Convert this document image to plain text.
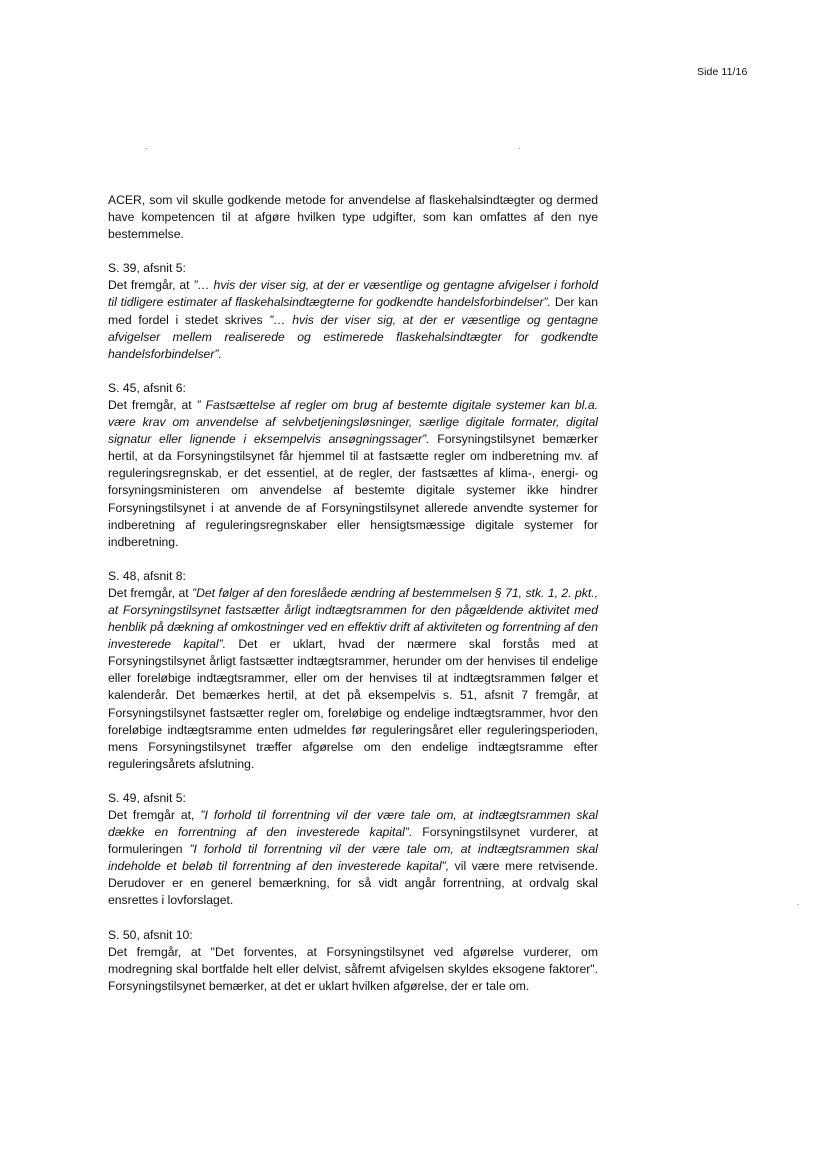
Side 11/16

ACER, som vil skulle godkende metode for anvendelse af flaskehalsindtægter og dermed have kompetencen til at afgøre hvilken type udgifter, som kan omfattes af den nye bestemmelse.

S. 39, afsnit 5:

Det fremgår, at ”… hvis der viser sig, at der er væsentlige og gentagne afvigelser i forhold til tidligere estimater af flaskehalsindtægterne for godkendte handelsforbindelser”. Der kan med fordel i stedet skrives ”… hvis der viser sig, at der er væsentlige og gentagne afvigelser mellem realiserede og estimerede flaskehalsindtægter for godkendte handelsforbindelser”.

S. 45, afsnit 6:

Det fremgår, at ” Fastsættelse af regler om brug af bestemte digitale systemer kan bl.a. være krav om anvendelse af selvbetjeningsløsninger, særlige digitale formater, digital signatur eller lignende i eksempelvis ansøgningssager”. Forsyningstilsynet bemærker hertil, at da Forsyningstilsynet får hjemmel til at fastsætte regler om indberetning mv. af reguleringsregnskab, er det essentiel, at de regler, der fastsættes af klima-, energi- og forsyningsministeren om anvendelse af bestemte digitale systemer ikke hindrer Forsyningstilsynet i at anvende de af Forsyningstilsynet allerede anvendte systemer for indberetning af reguleringsregnskaber eller hensigtsmæssige digitale systemer for indberetning.

S. 48, afsnit 8:

Det fremgår, at ”Det følger af den foreslåede ændring af bestemmelsen § 71, stk. 1, 2. pkt., at Forsyningstilsynet fastsætter årligt indtægtsrammen for den pågældende aktivitet med henblik på dækning af omkostninger ved en effektiv drift af aktiviteten og forrentning af den investerede kapital”. Det er uklart, hvad der nærmere skal forstås med at Forsyningstilsynet årligt fastsætter indtægtsrammer, herunder om der henvises til endelige eller foreløbige indtægtsrammer, eller om der henvises til at indtægtsrammen følger et kalenderår. Det bemærkes hertil, at det på eksempelvis s. 51, afsnit 7 fremgår, at Forsyningstilsynet fastsætter regler om, foreløbige og endelige indtægtsrammer, hvor den foreløbige indtægtsramme enten udmeldes før reguleringsåret eller reguleringsperioden, mens Forsyningstilsynet træffer afgørelse om den endelige indtægtsramme efter reguleringsårets afslutning.

S. 49, afsnit 5:

Det fremgår at, ”I forhold til forrentning vil der være tale om, at indtægtsrammen skal dække en forrentning af den investerede kapital”. Forsyningstilsynet vurderer, at formuleringen ”I forhold til forrentning vil der være tale om, at indtægtsrammen skal indeholde et beløb til forrentning af den investerede kapital”, vil være mere retvisende. Derudover er en generel bemærkning, for så vidt angår forrentning, at ordvalg skal ensrettes i lovforslaget.

S. 50, afsnit 10:

Det fremgår, at "Det forventes, at Forsyningstilsynet ved afgørelse vurderer, om modregning skal bortfalde helt eller delvist, såfremt afvigelsen skyldes eksogene faktorer". Forsyningstilsynet bemærker, at det er uklart hvilken afgørelse, der er tale om.
